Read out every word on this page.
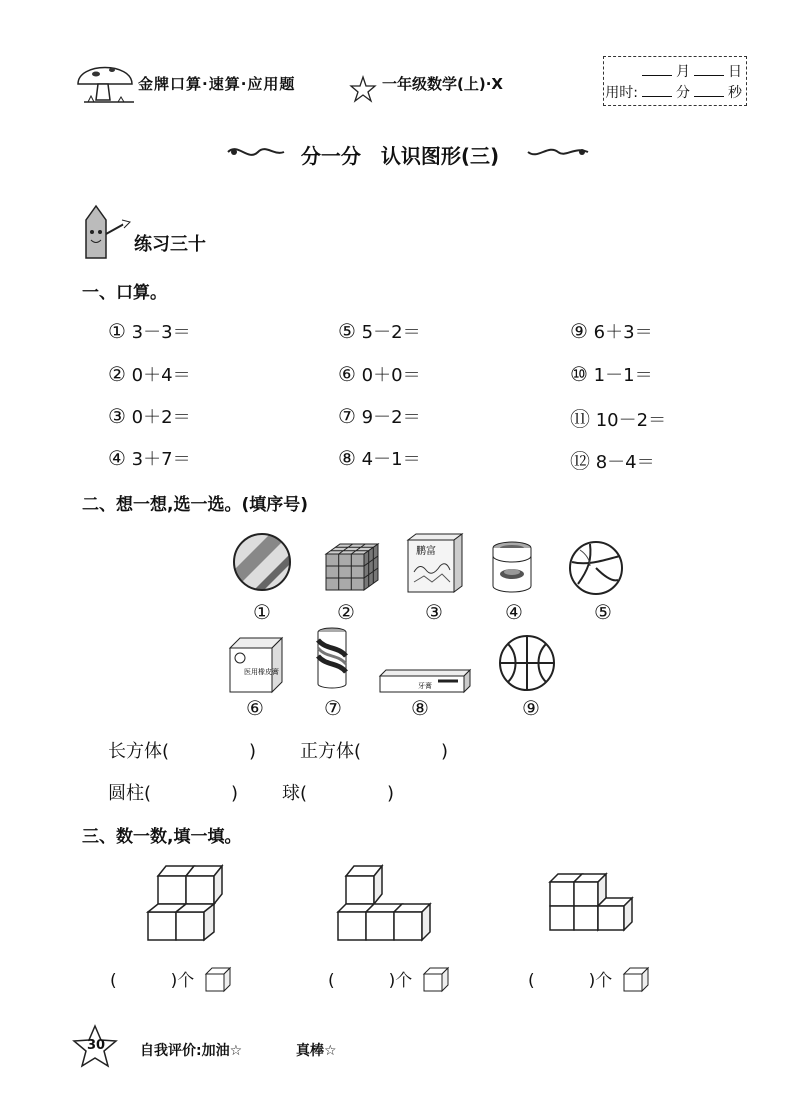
金牌口算·速算·应用题	一年级数学(上)·X
月	日
用时:	分	秒
分一分　认识图形(三)
练习三十
一、口算。
① 3－3＝	⑤ 5－2＝	⑨ 6＋3＝
② 0＋4＝	⑥ 0＋0＝	⑩ 1－1＝
③ 0＋2＝	⑦ 9－2＝	⑪ 10－2＝
④ 3＋7＝	⑧ 4－1＝	⑫ 8－4＝
二、想一想,选一选。(填序号)
①	②
鹏富
③	④	⑤
医用橡皮膏
⑥	⑦
牙膏
⑧	⑨
长方体(	) 正方体(	)
圆柱(	) 球(	)
三、数一数,填一填。
(	)个	(	)个	(	)个
30 自我评价:加油☆	真棒☆
